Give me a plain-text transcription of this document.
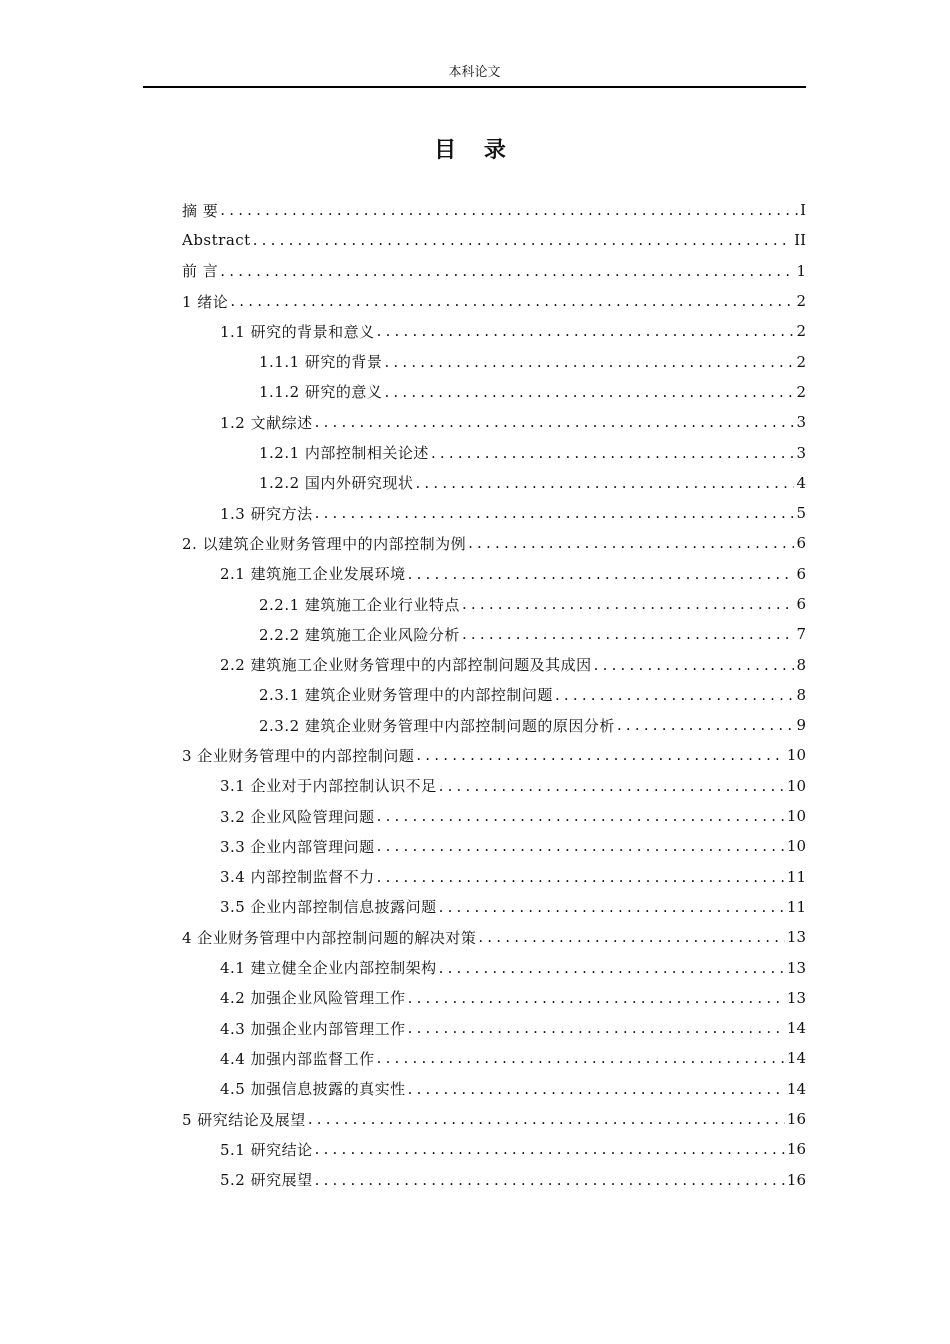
本科论文
目 录
摘 要 .....	I
Abstract .....	II
前 言 .....	1
1 绪论 .....	2
1.1 研究的背景和意义 .....	2
1.1.1 研究的背景 .....	2
1.1.2 研究的意义 .....	2
1.2 文献综述 .....	3
1.2.1 内部控制相关论述 .....	3
1.2.2 国内外研究现状 .....	4
1.3 研究方法 .....	5
2. 以建筑企业财务管理中的内部控制为例 .....	6
2.1 建筑施工企业发展环境 .....	6
2.2.1 建筑施工企业行业特点 .....	6
2.2.2 建筑施工企业风险分析 .....	7
2.2 建筑施工企业财务管理中的内部控制问题及其成因 .....	8
2.3.1 建筑企业财务管理中的内部控制问题 .....	8
2.3.2 建筑企业财务管理中内部控制问题的原因分析 .....	9
3 企业财务管理中的内部控制问题 .....	10
3.1 企业对于内部控制认识不足 .....	10
3.2 企业风险管理问题 .....	10
3.3 企业内部管理问题 .....	10
3.4 内部控制监督不力 .....	11
3.5 企业内部控制信息披露问题 .....	11
4 企业财务管理中内部控制问题的解决对策 .....	13
4.1 建立健全企业内部控制架构 .....	13
4.2 加强企业风险管理工作 .....	13
4.3 加强企业内部管理工作 .....	14
4.4 加强内部监督工作 .....	14
4.5 加强信息披露的真实性 .....	14
5 研究结论及展望 .....	16
5.1 研究结论 .....	16
5.2 研究展望 .....	16
